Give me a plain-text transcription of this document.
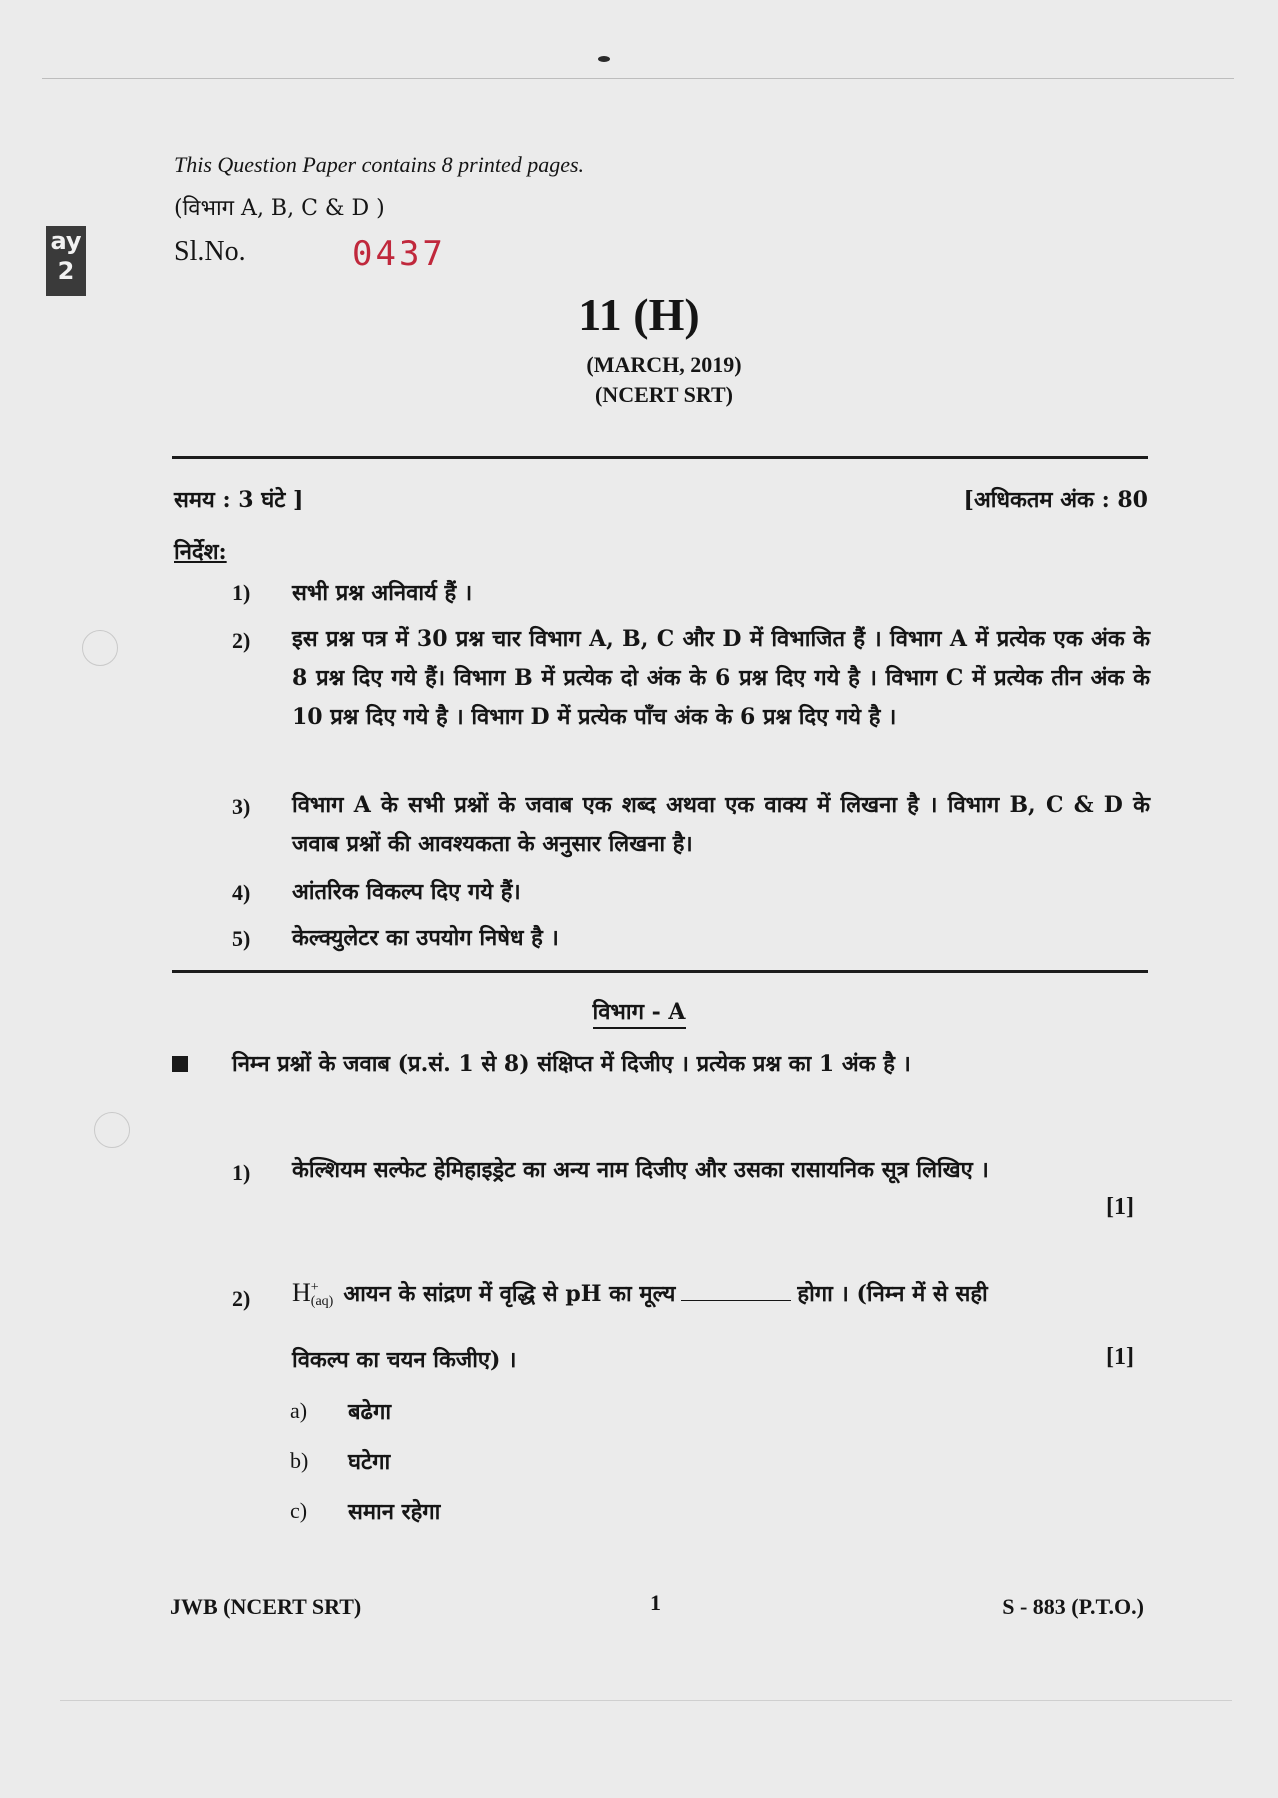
ay 2
This Question Paper contains 8 printed pages.
(विभाग A, B, C & D )
Sl.No.	0437
11 (H)
(MARCH, 2019)
(NCERT SRT)
समय : 3 घंटे ]	[अधिकतम अंक : 80
निर्देश:
1) सभी प्रश्न अनिवार्य हैं ।
2) इस प्रश्न पत्र में 30 प्रश्न चार विभाग A, B, C और D में विभाजित हैं । विभाग A में प्रत्येक एक अंक के 8 प्रश्न दिए गये हैं। विभाग B में प्रत्येक दो अंक के 6 प्रश्न दिए गये है । विभाग C में प्रत्येक तीन अंक के 10 प्रश्न दिए गये है । विभाग D में प्रत्येक पाँच अंक के 6 प्रश्न दिए गये है ।
3) विभाग A के सभी प्रश्नों के जवाब एक शब्द अथवा एक वाक्य में लिखना है । विभाग B, C & D के जवाब प्रश्नों की आवश्यकता के अनुसार लिखना है।
4) आंतरिक विकल्प दिए गये हैं।
5) केल्क्युलेटर का उपयोग निषेध है ।
विभाग - A
निम्न प्रश्नों के जवाब (प्र.सं. 1 से 8) संक्षिप्त में दिजीए । प्रत्येक प्रश्न का 1 अंक है ।
1) केल्शियम सल्फेट हेमिहाइड्रेट का अन्य नाम दिजीए और उसका रासायनिक सूत्र लिखिए ।
[1]
2) H +
(aq) आयन के सांद्रण में वृद्धि से pH का मूल्य	होगा । (निम्न में से सही
विकल्प का चयन किजीए) ।	[1]
a) बढेगा
b) घटेगा
c) समान रहेगा
JWB (NCERT SRT)	1	S - 883 (P.T.O.)
